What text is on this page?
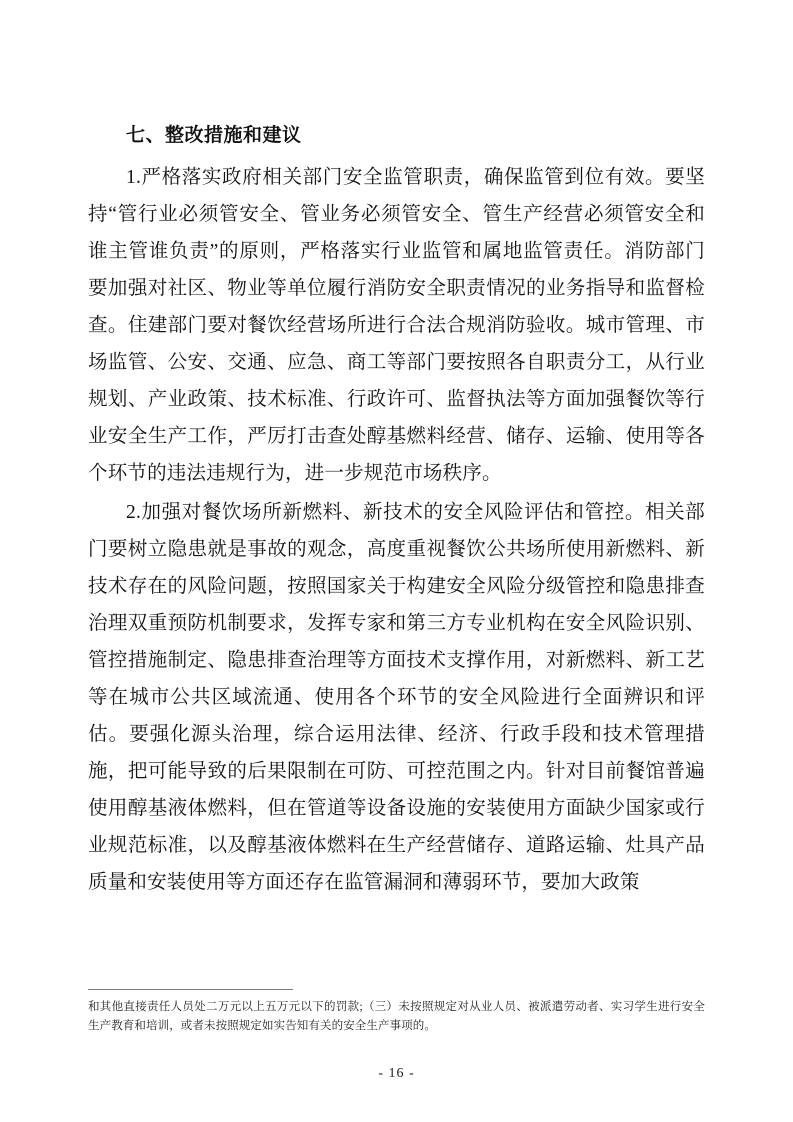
七、整改措施和建议

1.严格落实政府相关部门安全监管职责，确保监管到位有效。要坚持“管行业必须管安全、管业务必须管安全、管生产经营必须管安全和谁主管谁负责”的原则，严格落实行业监管和属地监管责任。消防部门要加强对社区、物业等单位履行消防安全职责情况的业务指导和监督检查。住建部门要对餐饮经营场所进行合法合规消防验收。城市管理、市场监管、公安、交通、应急、商工等部门要按照各自职责分工，从行业规划、产业政策、技术标准、行政许可、监督执法等方面加强餐饮等行业安全生产工作，严厉打击查处醇基燃料经营、储存、运输、使用等各个环节的违法违规行为，进一步规范市场秩序。

2.加强对餐饮场所新燃料、新技术的安全风险评估和管控。相关部门要树立隐患就是事故的观念，高度重视餐饮公共场所使用新燃料、新技术存在的风险问题，按照国家关于构建安全风险分级管控和隐患排查治理双重预防机制要求，发挥专家和第三方专业机构在安全风险识别、管控措施制定、隐患排查治理等方面技术支撑作用，对新燃料、新工艺等在城市公共区域流通、使用各个环节的安全风险进行全面辨识和评估。要强化源头治理，综合运用法律、经济、行政手段和技术管理措施，把可能导致的后果限制在可防、可控范围之内。针对目前餐馆普遍使用醇基液体燃料，但在管道等设备设施的安装使用方面缺少国家或行业规范标准，以及醇基液体燃料在生产经营储存、道路运输、灶具产品质量和安装使用等方面还存在监管漏洞和薄弱环节，要加大政策

和其他直接责任人员处二万元以上五万元以下的罚款;（三）未按照规定对从业人员、被派遣劳动者、实习学生进行安全生产教育和培训，或者未按照规定如实告知有关的安全生产事项的。

- 16 -
